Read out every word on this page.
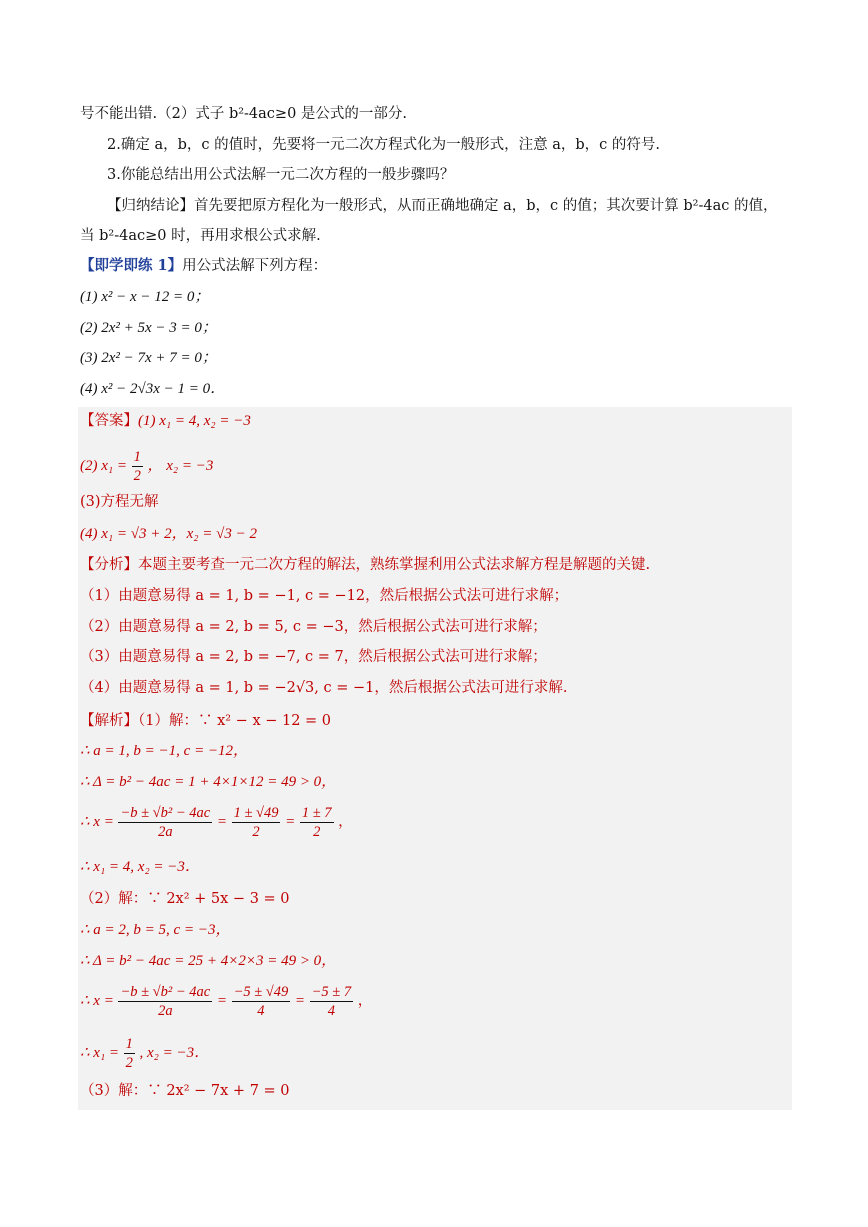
号不能出错.（2）式子 b²-4ac≥0 是公式的一部分.
2.确定 a，b，c 的值时，先要将一元二次方程式化为一般形式，注意 a，b，c 的符号.
3.你能总结出用公式法解一元二次方程的一般步骤吗？
【归纳结论】首先要把原方程化为一般形式，从而正确地确定 a，b，c 的值；其次要计算 b²-4ac 的值，
当 b²-4ac≥0 时，再用求根公式求解.
【即学即练 1】用公式法解下列方程：
(1) x² − x − 12 = 0；
(2) 2x² + 5x − 3 = 0；
(3) 2x² − 7x + 7 = 0；
(4) x² − 2√3x − 1 = 0．
【答案】(1) x₁ = 4, x₂ = −3
(2) $x_1 = \frac{1}{2}$ ， x₂ = −3
(3)方程无解
(4) x₁ = √3 + 2，x₂ = √3 − 2
【分析】本题主要考查一元二次方程的解法，熟练掌握利用公式法求解方程是解题的关键.
（1）由题意易得 a = 1, b = −1, c = −12，然后根据公式法可进行求解；
（2）由题意易得 a = 2, b = 5, c = −3，然后根据公式法可进行求解；
（3）由题意易得 a = 2, b = −7, c = 7，然后根据公式法可进行求解；
（4）由题意易得 a = 1, b = −2√3, c = −1，然后根据公式法可进行求解.
【解析】（1）解：∵ x² − x − 12 = 0
∴ a = 1, b = −1, c = −12，
∴ Δ = b² − 4ac = 1 + 4×1×12 = 49 > 0，
∴ $x = \frac{\text{−b ± √b² − 4ac}}{2a} = \frac{1 \pm √49}{2} = \frac{1 \pm 7}{2}$ ，
∴ x₁ = 4, x₂ = −3．
（2）解：∵ 2x² + 5x − 3 = 0
∴ a = 2, b = 5, c = −3，
∴ Δ = b² − 4ac = 25 + 4×2×3 = 49 > 0，
∴ $x = \frac{\text{−b ± √b² − 4ac}}{2a} = \frac{-5 \pm √49}{4} = \frac{-5 \pm 7}{4}$ ，
∴ $x_1 = \frac{1}{2}$ , x₂ = −3．
（3）解：∵ 2x² − 7x + 7 = 0
